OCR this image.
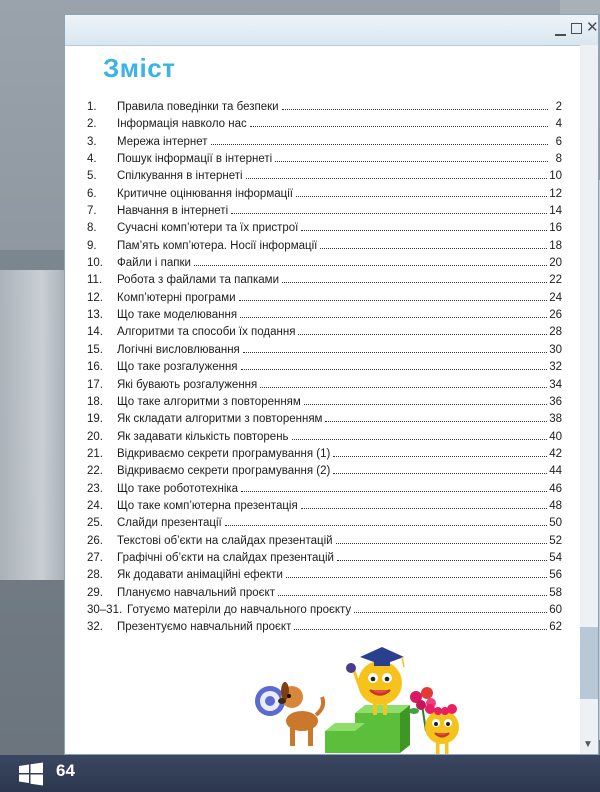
✕
Зміст
1.	Правила поведінки та безпеки	2
2.	Інформація навколо нас	4
3.	Мережа інтернет	6
4.	Пошук інформації в інтернеті	8
5.	Спілкування в інтернеті	10
6.	Критичне оцінювання інформації	12
7.	Навчання в інтернеті	14
8.	Сучасні комп’ютери та їх пристрої	16
9.	Пам’ять комп’ютера. Носії інформації	18
10.	Файли і папки	20
11.	Робота з файлами та папками	22
12.	Комп’ютерні програми	24
13.	Що таке моделювання	26
14.	Алгоритми та способи їх подання	28
15.	Логічні висловлювання	30
16.	Що таке розгалуження	32
17.	Які бувають розгалуження	34
18.	Що таке алгоритми з повторенням	36
19.	Як складати алгоритми з повторенням	38
20.	Як задавати кількість повторень	40
21.	Відкриваємо секрети програмування (1)	42
22.	Відкриваємо секрети програмування (2)	44
23.	Що таке робототехніка	46
24.	Що таке комп’ютерна презентація	48
25.	Слайди презентації	50
26.	Текстові об’єкти на слайдах презентацій	52
27.	Графічні об’єкти на слайдах презентацій	54
28.	Як додавати анімаційні ефекти	56
29.	Плануємо навчальний проєкт	58
30–31. Готуємо матеріли до навчального проєкту	60
32.	Презентуємо навчальний проєкт	62
▼
64
